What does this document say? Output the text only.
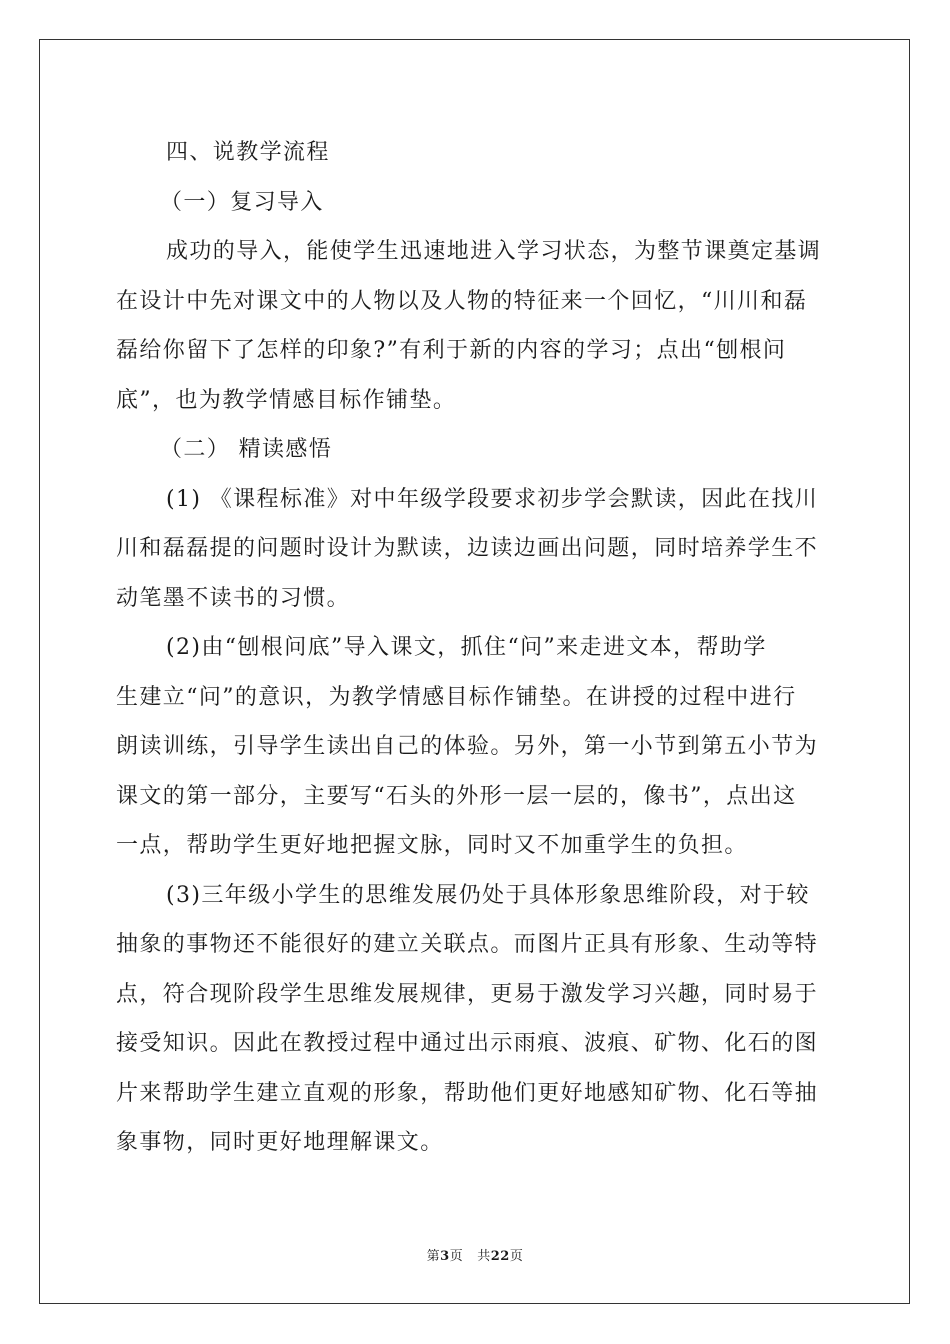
四、说教学流程
（一）复习导入
成功的导入，能使学生迅速地进入学习状态，为整节课奠定基调
在设计中先对课文中的人物以及人物的特征来一个回忆，“川川和磊
磊给你留下了怎样的印象?”有利于新的内容的学习；点出“刨根问
底”，也为教学情感目标作铺垫。
（二） 精读感悟
(1) 《课程标准》对中年级学段要求初步学会默读，因此在找川
川和磊磊提的问题时设计为默读，边读边画出问题，同时培养学生不
动笔墨不读书的习惯。
(2)由“刨根问底”导入课文，抓住“问”来走进文本，帮助学
生建立“问”的意识，为教学情感目标作铺垫。在讲授的过程中进行
朗读训练，引导学生读出自己的体验。另外，第一小节到第五小节为
课文的第一部分，主要写“石头的外形一层一层的，像书”，点出这
一点，帮助学生更好地把握文脉，同时又不加重学生的负担。
(3)三年级小学生的思维发展仍处于具体形象思维阶段，对于较
抽象的事物还不能很好的建立关联点。而图片正具有形象、生动等特
点，符合现阶段学生思维发展规律，更易于激发学习兴趣，同时易于
接受知识。因此在教授过程中通过出示雨痕、波痕、矿物、化石的图
片来帮助学生建立直观的形象，帮助他们更好地感知矿物、化石等抽
象事物，同时更好地理解课文。
第3页 共22页
